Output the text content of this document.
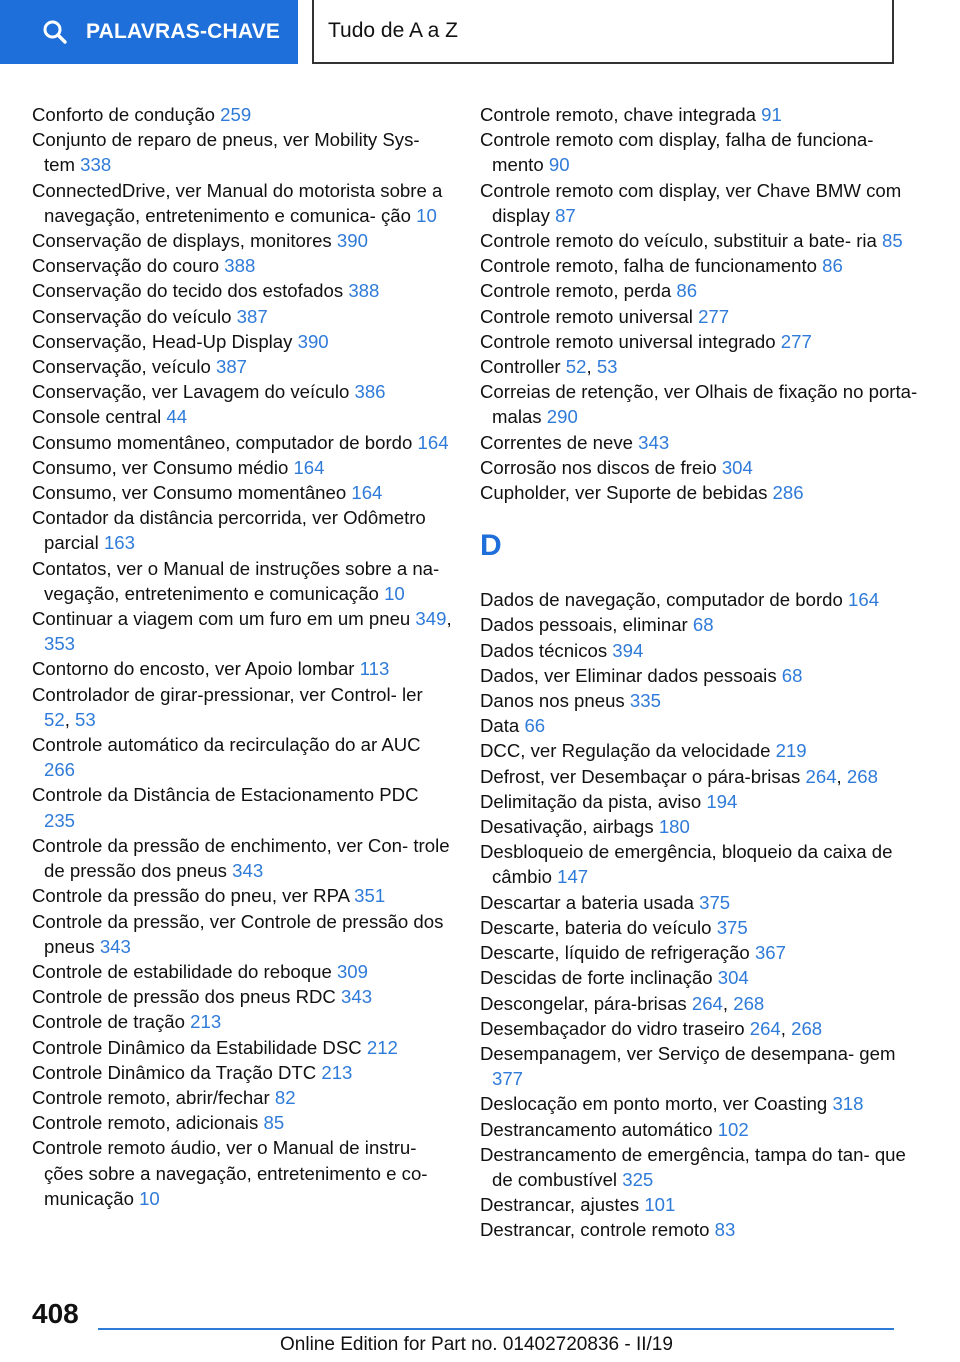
PALAVRAS-CHAVE Tudo de A a Z
Conforto de condução 259
Conjunto de reparo de pneus, ver Mobility Sys‐ tem 338
ConnectedDrive, ver Manual do motorista sobre a navegação, entretenimento e comunica‐ ção 10
Conservação de displays, monitores 390
Conservação do couro 388
Conservação do tecido dos estofados 388
Conservação do veículo 387
Conservação, Head-Up Display 390
Conservação, veículo 387
Conservação, ver Lavagem do veículo 386
Console central 44
Consumo momentâneo, computador de bordo 164
Consumo, ver Consumo médio 164
Consumo, ver Consumo momentâneo 164
Contador da distância percorrida, ver Odômetro parcial 163
Contatos, ver o Manual de instruções sobre a na‐ vegação, entretenimento e comunicação 10
Continuar a viagem com um furo em um pneu 349, 353
Contorno do encosto, ver Apoio lombar 113
Controlador de girar-pressionar, ver Control‐ ler 52, 53
Controle automático da recirculação do ar AUC 266
Controle da Distância de Estacionamento PDC 235
Controle da pressão de enchimento, ver Con‐ trole de pressão dos pneus 343
Controle da pressão do pneu, ver RPA 351
Controle da pressão, ver Controle de pressão dos pneus 343
Controle de estabilidade do reboque 309
Controle de pressão dos pneus RDC 343
Controle de tração 213
Controle Dinâmico da Estabilidade DSC 212
Controle Dinâmico da Tração DTC 213
Controle remoto, abrir/fechar 82
Controle remoto, adicionais 85
Controle remoto áudio, ver o Manual de instru‐ ções sobre a navegação, entretenimento e co‐ municação 10
Controle remoto, chave integrada 91
Controle remoto com display, falha de funciona‐ mento 90
Controle remoto com display, ver Chave BMW com display 87
Controle remoto do veículo, substituir a bate‐ ria 85
Controle remoto, falha de funcionamento 86
Controle remoto, perda 86
Controle remoto universal 277
Controle remoto universal integrado 277
Controller 52, 53
Correias de retenção, ver Olhais de fixação no porta-malas 290
Correntes de neve 343
Corrosão nos discos de freio 304
Cupholder, ver Suporte de bebidas 286
D
Dados de navegação, computador de bordo 164
Dados pessoais, eliminar 68
Dados técnicos 394
Dados, ver Eliminar dados pessoais 68
Danos nos pneus 335
Data 66
DCC, ver Regulação da velocidade 219
Defrost, ver Desembaçar o pára-brisas 264, 268
Delimitação da pista, aviso 194
Desativação, airbags 180
Desbloqueio de emergência, bloqueio da caixa de câmbio 147
Descartar a bateria usada 375
Descarte, bateria do veículo 375
Descarte, líquido de refrigeração 367
Descidas de forte inclinação 304
Descongelar, pára-brisas 264, 268
Desembaçador do vidro traseiro 264, 268
Desempanagem, ver Serviço de desempana‐ gem 377
Deslocação em ponto morto, ver Coasting 318
Destrancamento automático 102
Destrancamento de emergência, tampa do tan‐ que de combustível 325
Destrancar, ajustes 101
Destrancar, controle remoto 83
408
Online Edition for Part no. 01402720836 - II/19
